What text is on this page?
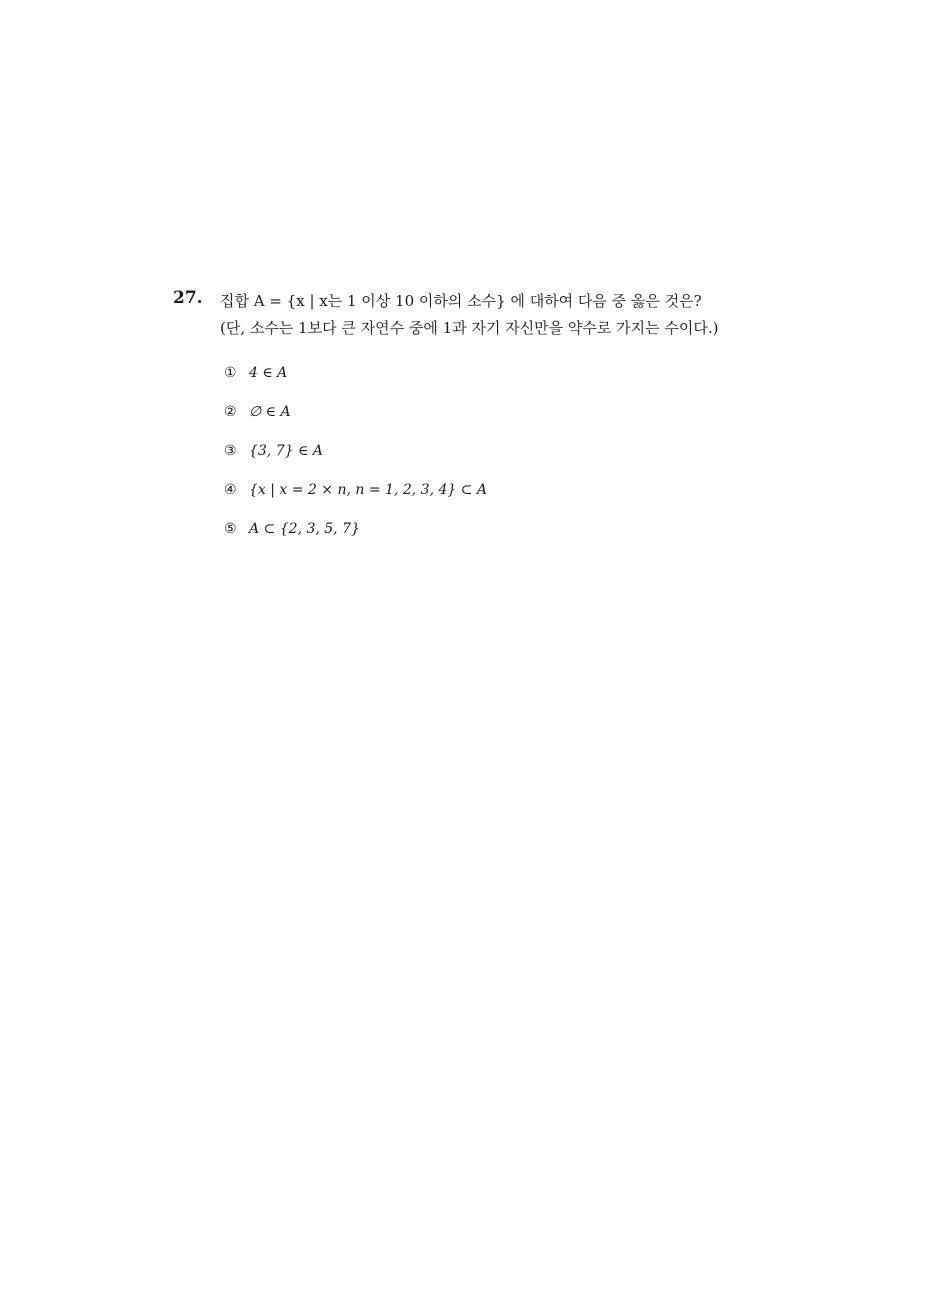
27. 집합 A = {x | x는 1 이상 10 이하의 소수} 에 대하여 다음 중 옳은 것은?
(단, 소수는 1보다 큰 자연수 중에 1과 자기 자신만을 약수로 가지는 수이다.)
① 4 ∈ A
② ∅ ∈ A
③ {3, 7} ∈ A
④ {x | x = 2 × n, n = 1, 2, 3, 4} ⊂ A
⑤ A ⊂ {2, 3, 5, 7}
